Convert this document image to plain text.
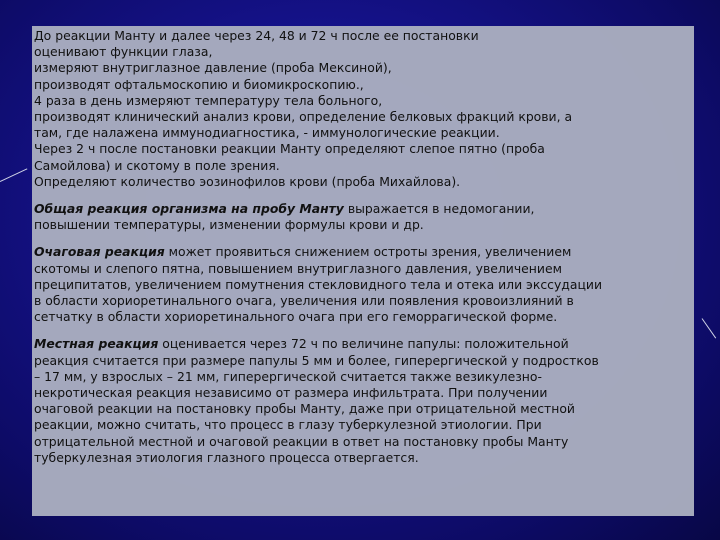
До реакции Манту и далее через 24, 48 и 72 ч после ее постановки
оценивают функции глаза,
измеряют внутриглазное давление (проба Мексиной),
производят офтальмоскопию и биомикроскопию.,
4 раза в день измеряют температуру тела больного,
производят клинический анализ крови, определение белковых фракций крови, а
там, где налажена иммунодиагностика, - иммунологические реакции.
Через 2 ч после постановки реакции Манту определяют слепое пятно (проба
Самойлова) и скотому в поле зрения.
Определяют количество эозинофилов крови (проба Михайлова).
Общая реакция организма на пробу Манту выражается в недомогании,
повышении температуры, изменении формулы крови и др.
Очаговая реакция может проявиться снижением остроты зрения, увеличением
скотомы и слепого пятна, повышением внутриглазного давления, увеличением
преципитатов, увеличением помутнения стекловидного тела и отека или экссудации
в области хориоретинального очага, увеличения или появления кровоизлияний в
сетчатку в области хориоретинального очага при его геморрагической форме.
Местная реакция оценивается через 72 ч по величине папулы: положительной
реакция считается при размере папулы 5 мм и более, гиперергической у подростков
– 17 мм, у взрослых – 21 мм, гиперергической считается также везикулезно-
некротическая реакция независимо от размера инфильтрата. При получении
очаговой реакции на постановку пробы Манту, даже при отрицательной местной
реакции, можно считать, что процесс в глазу туберкулезной этиологии. При
отрицательной местной и очаговой реакции в ответ на постановку пробы Манту
туберкулезная этиология глазного процесса отвергается.
